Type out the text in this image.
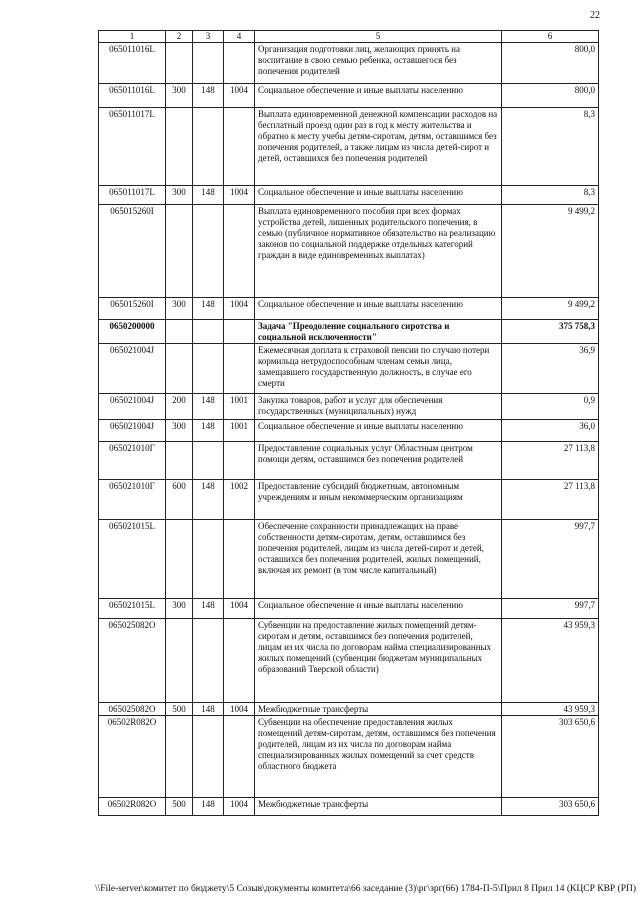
22
1	2	3	4	5	6
065011016L				Организация подготовки лиц, желающих принять на воспитание в свою семью ребенка, оставшегося без попечения родителей	800,0
065011016L	300	148	1004	Социальное обеспечение и иные выплаты населению	800,0
065011017L				Выплата единовременной денежной компенсации расходов на бесплатный проезд один раз в год к месту жительства и обратно к месту учебы детям-сиротам, детям, оставшимся без попечения родителей, а также лицам из числа детей-сирот и детей, оставшихся без попечения родителей	8,3
065011017L	300	148	1004	Социальное обеспечение и иные выплаты населению	8,3
065015260I				Выплата единовременного пособия при всех формах устройства детей, лишенных родительского попечения, в семью (публичное нормативное обязательство на реализацию законов по социальной поддержке отдельных категорий граждан в виде единовременных выплатах)	9 499,2
065015260I	300	148	1004	Социальное обеспечение и иные выплаты населению	9 499,2
0650200000				Задача "Преодоление социального сиротства и социальной исключенности"	375 758,3
065021004J				Ежемесячная доплата к страховой пенсии по случаю потери кормильца нетрудоспособным членам семьи лица, замещавшего государственную должность, в случае его смерти	36,9
065021004J	200	148	1001	Закупка товаров, работ и услуг для обеспечения государственных (муниципальных) нужд	0,9
065021004J	300	148	1001	Социальное обеспечение и иные выплаты населению	36,0
065021010Г				Предоставление социальных услуг Областным центром помощи детям, оставшимся без попечения родителей	27 113,8
065021010Г	600	148	1002	Предоставление субсидий бюджетным, автономным учреждениям и иным некоммерческим организациям	27 113,8
065021015L				Обеспечение сохранности принадлежащих на праве собственности детям-сиротам, детям, оставшимся без попечения родителей, лицам из числа детей-сирот и детей, оставшихся без попечения родителей, жилых помещений, включая их ремонт (в том числе капитальный)	997,7
065021015L	300	148	1004	Социальное обеспечение и иные выплаты населению	997,7
065025082О				Субвенции на предоставление жилых помещений детям-сиротам и детям, оставшимся без попечения родителей, лицам из их числа по договорам найма специализированных жилых помещений (субвенции бюджетам муниципальных образований Тверской области)	43 959,3
065025082О	500	148	1004	Межбюджетные трансферты	43 959,3
06502R082О				Субвенции на обеспечение предоставления жилых помещений детям-сиротам, детям, оставшимся без попечения родителей, лицам из их числа по договорам найма специализированных жилых помещений за счет средств областного бюджета	303 650,6
06502R082О	500	148	1004	Межбюджетные трансферты	303 650,6
\\File-server\комитет по бюджету\5 Созыв\документы комитета\66 заседание (3)\рг\зрг(66) 1784-П-5\Прил 8 Прил 14 (КЦСР КВР (РП)
